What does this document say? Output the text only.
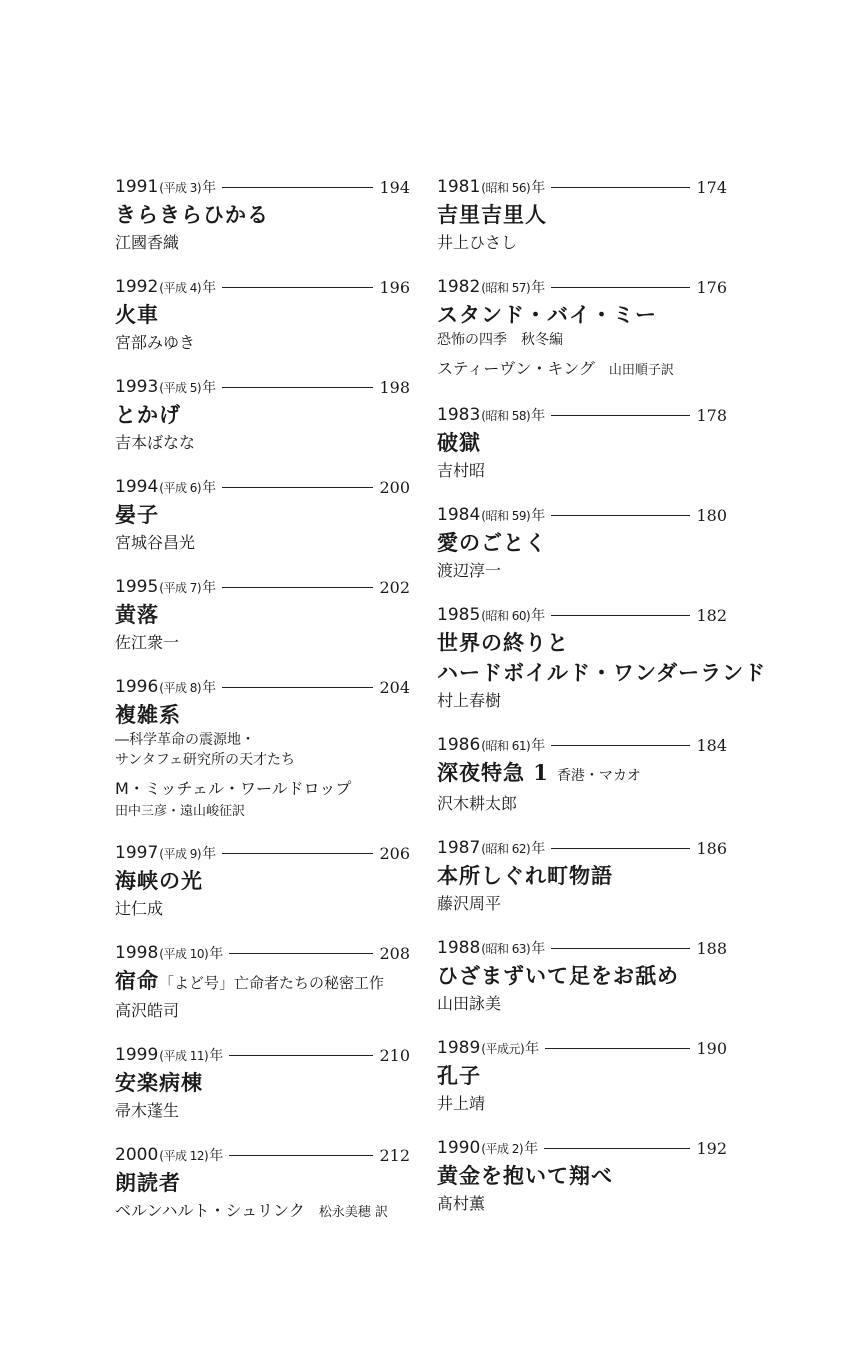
1991 (平成 3) 年	194
きらきらひかる
江國香織
1992 (平成 4) 年	196
火車
宮部みゆき
1993 (平成 5) 年	198
とかげ
吉本ばなな
1994 (平成 6) 年	200
晏子
宮城谷昌光
1995 (平成 7) 年	202
黄落
佐江衆一
1996 (平成 8) 年	204
複雑系
―科学革命の震源地・
サンタフェ研究所の天才たち
M・ミッチェル・ワールドロップ
田中三彦・遠山峻征訳
1997 (平成 9) 年	206
海峡の光
辻仁成
1998 (平成 10) 年	208
宿命「よど号」亡命者たちの秘密工作
高沢皓司
1999 (平成 11) 年	210
安楽病棟
帚木蓬生
2000 (平成 12) 年	212
朗読者
ベルンハルト・シュリンク 松永美穂 訳
1981 (昭和 56) 年	174
吉里吉里人
井上ひさし
1982 (昭和 57) 年	176
スタンド・バイ・ミー
恐怖の四季　秋冬編
スティーヴン・キング 山田順子訳
1983 (昭和 58) 年	178
破獄
吉村昭
1984 (昭和 59) 年	180
愛のごとく
渡辺淳一
1985 (昭和 60) 年	182
世界の終りと
ハードボイルド・ワンダーランド
村上春樹
1986 (昭和 61) 年	184
深夜特急 1 香港・マカオ
沢木耕太郎
1987 (昭和 62) 年	186
本所しぐれ町物語
藤沢周平
1988 (昭和 63) 年	188
ひざまずいて足をお舐め
山田詠美
1989 (平成元) 年	190
孔子
井上靖
1990 (平成 2) 年	192
黄金を抱いて翔べ
髙村薫
